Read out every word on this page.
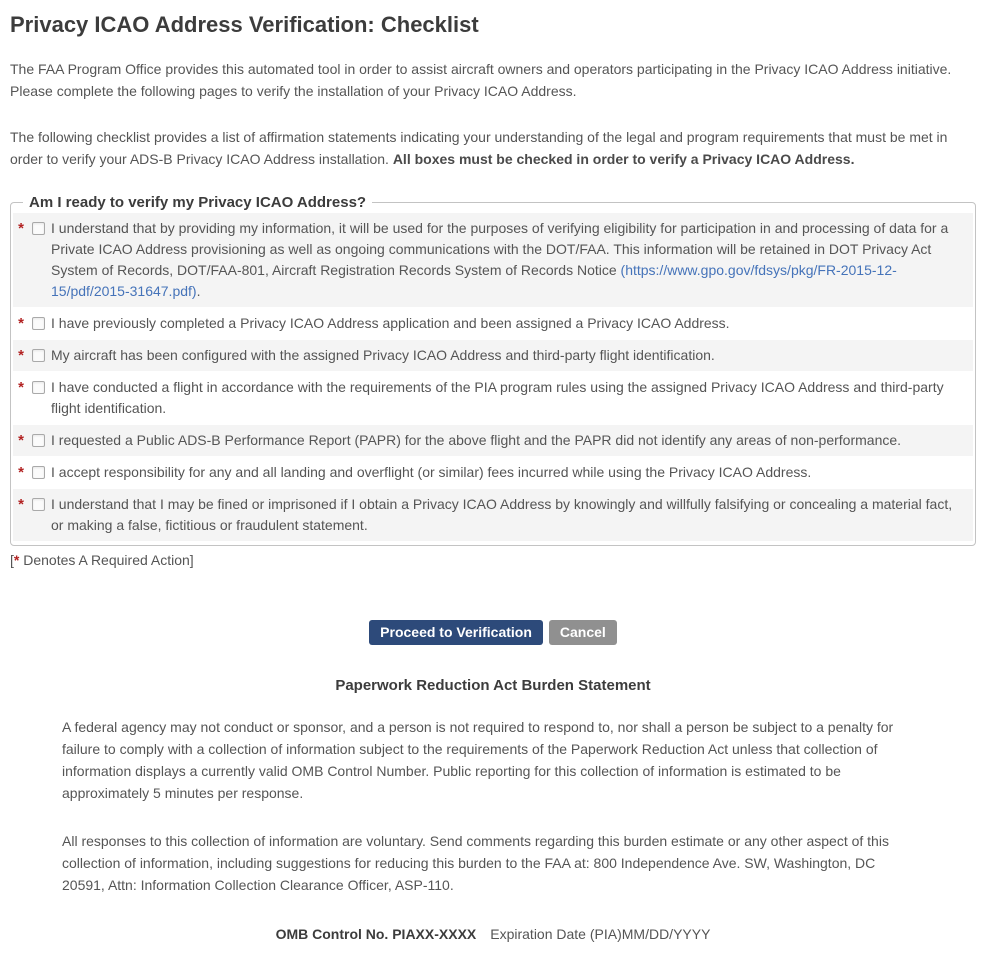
Privacy ICAO Address Verification: Checklist

The FAA Program Office provides this automated tool in order to assist aircraft owners and operators participating in the Privacy ICAO Address initiative. Please complete the following pages to verify the installation of your Privacy ICAO Address.

The following checklist provides a list of affirmation statements indicating your understanding of the legal and program requirements that must be met in order to verify your ADS-B Privacy ICAO Address installation. All boxes must be checked in order to verify a Privacy ICAO Address.

Am I ready to verify my Privacy ICAO Address?
* I understand that by providing my information, it will be used for the purposes of verifying eligibility for participation in and processing of data for a Private ICAO Address provisioning as well as ongoing communications with the DOT/FAA. This information will be retained in DOT Privacy Act System of Records, DOT/FAA-801, Aircraft Registration Records System of Records Notice (https://www.gpo.gov/fdsys/pkg/FR-2015-12-15/pdf/2015-31647.pdf).
* I have previously completed a Privacy ICAO Address application and been assigned a Privacy ICAO Address.
* My aircraft has been configured with the assigned Privacy ICAO Address and third-party flight identification.
* I have conducted a flight in accordance with the requirements of the PIA program rules using the assigned Privacy ICAO Address and third-party flight identification.
* I requested a Public ADS-B Performance Report (PAPR) for the above flight and the PAPR did not identify any areas of non-performance.
* I accept responsibility for any and all landing and overflight (or similar) fees incurred while using the Privacy ICAO Address.
* I understand that I may be fined or imprisoned if I obtain a Privacy ICAO Address by knowingly and willfully falsifying or concealing a material fact, or making a false, fictitious or fraudulent statement.
[* Denotes A Required Action]
Proceed to Verification Cancel
Paperwork Reduction Act Burden Statement

A federal agency may not conduct or sponsor, and a person is not required to respond to, nor shall a person be subject to a penalty for failure to comply with a collection of information subject to the requirements of the Paperwork Reduction Act unless that collection of information displays a currently valid OMB Control Number. Public reporting for this collection of information is estimated to be approximately 5 minutes per response.

All responses to this collection of information are voluntary. Send comments regarding this burden estimate or any other aspect of this collection of information, including suggestions for reducing this burden to the FAA at: 800 Independence Ave. SW, Washington, DC 20591, Attn: Information Collection Clearance Officer, ASP-110.

OMB Control No. PIAXX-XXXX Expiration Date (PIA)MM/DD/YYYY
